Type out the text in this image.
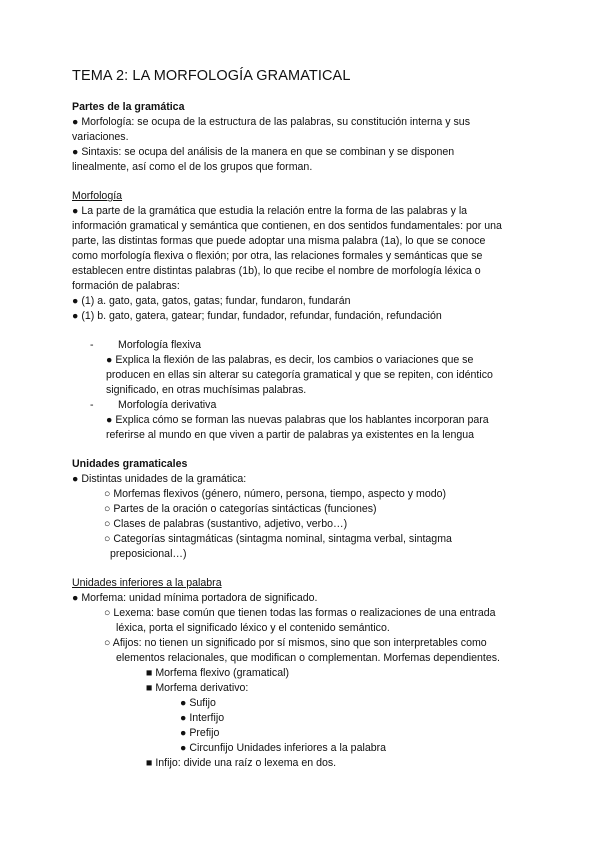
TEMA 2: LA MORFOLOGÍA GRAMATICAL
Partes de la gramática
● Morfología: se ocupa de la estructura de las palabras, su constitución interna y sus
variaciones.
● Sintaxis: se ocupa del análisis de la manera en que se combinan y se disponen
linealmente, así como el de los grupos que forman.
Morfología
● La parte de la gramática que estudia la relación entre la forma de las palabras y la
información gramatical y semántica que contienen, en dos sentidos fundamentales: por una
parte, las distintas formas que puede adoptar una misma palabra (1a), lo que se conoce
como morfología flexiva o flexión; por otra, las relaciones formales y semánticas que se
establecen entre distintas palabras (1b), lo que recibe el nombre de morfología léxica o
formación de palabras:
● (1) a. gato, gata, gatos, gatas; fundar, fundaron, fundarán
● (1) b. gato, gatera, gatear; fundar, fundador, refundar, fundación, refundación
- Morfología flexiva
● Explica la flexión de las palabras, es decir, los cambios o variaciones que se
producen en ellas sin alterar su categoría gramatical y que se repiten, con idéntico
significado, en otras muchísimas palabras.
- Morfología derivativa
● Explica cómo se forman las nuevas palabras que los hablantes incorporan para
referirse al mundo en que viven a partir de palabras ya existentes en la lengua
Unidades gramaticales
● Distintas unidades de la gramática:
○ Morfemas flexivos (género, número, persona, tiempo, aspecto y modo)
○ Partes de la oración o categorías sintácticas (funciones)
○ Clases de palabras (sustantivo, adjetivo, verbo…)
○ Categorías sintagmáticas (sintagma nominal, sintagma verbal, sintagma
preposicional…)
Unidades inferiores a la palabra
● Morfema: unidad mínima portadora de significado.
○ Lexema: base común que tienen todas las formas o realizaciones de una entrada
léxica, porta el significado léxico y el contenido semántico.
○ Afijos: no tienen un significado por sí mismos, sino que son interpretables como
elementos relacionales, que modifican o complementan. Morfemas dependientes.
■ Morfema flexivo (gramatical)
■ Morfema derivativo:
● Sufijo
● Interfijo
● Prefijo
● Circunfijo Unidades inferiores a la palabra
■ Infijo: divide una raíz o lexema en dos.
